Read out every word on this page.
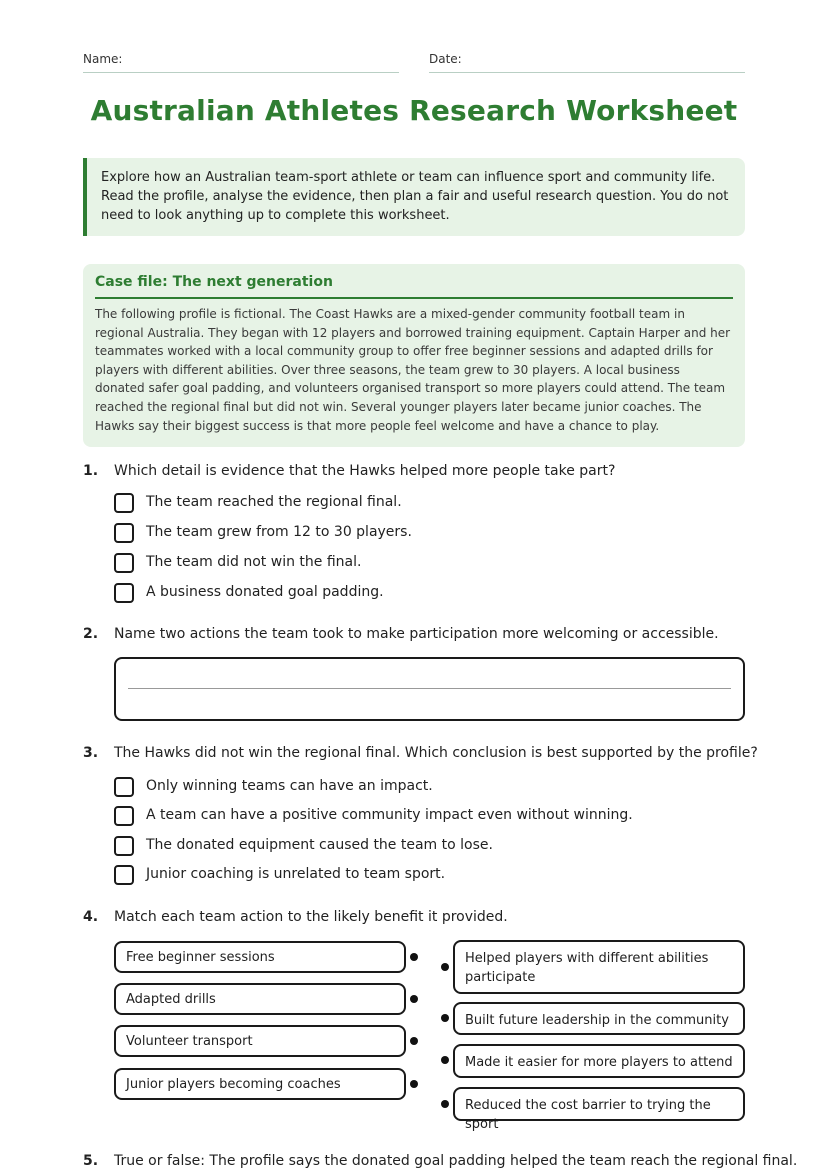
Name:	Date:
Australian Athletes Research Worksheet
Explore how an Australian team-sport athlete or team can influence sport and community life. Read the profile, analyse the evidence, then plan a fair and useful research question. You do not need to look anything up to complete this worksheet.
Case file: The next generation
The following profile is fictional. The Coast Hawks are a mixed-gender community football team in regional Australia. They began with 12 players and borrowed training equipment. Captain Harper and her teammates worked with a local community group to offer free beginner sessions and adapted drills for players with different abilities. Over three seasons, the team grew to 30 players. A local business donated safer goal padding, and volunteers organised transport so more players could attend. The team reached the regional final but did not win. Several younger players later became junior coaches. The Hawks say their biggest success is that more people feel welcome and have a chance to play.
1. Which detail is evidence that the Hawks helped more people take part?
The team reached the regional final.
The team grew from 12 to 30 players.
The team did not win the final.
A business donated goal padding.
2. Name two actions the team took to make participation more welcoming or accessible.
3. The Hawks did not win the regional final. Which conclusion is best supported by the profile?
Only winning teams can have an impact.
A team can have a positive community impact even without winning.
The donated equipment caused the team to lose.
Junior coaching is unrelated to team sport.
4. Match each team action to the likely benefit it provided.
Free beginner sessions
Adapted drills
Volunteer transport
Junior players becoming coaches
Helped players with different abilities participate
Built future leadership in the community
Made it easier for more players to attend
Reduced the cost barrier to trying the sport
5. True or false: The profile says the donated goal padding helped the team reach the regional final.
